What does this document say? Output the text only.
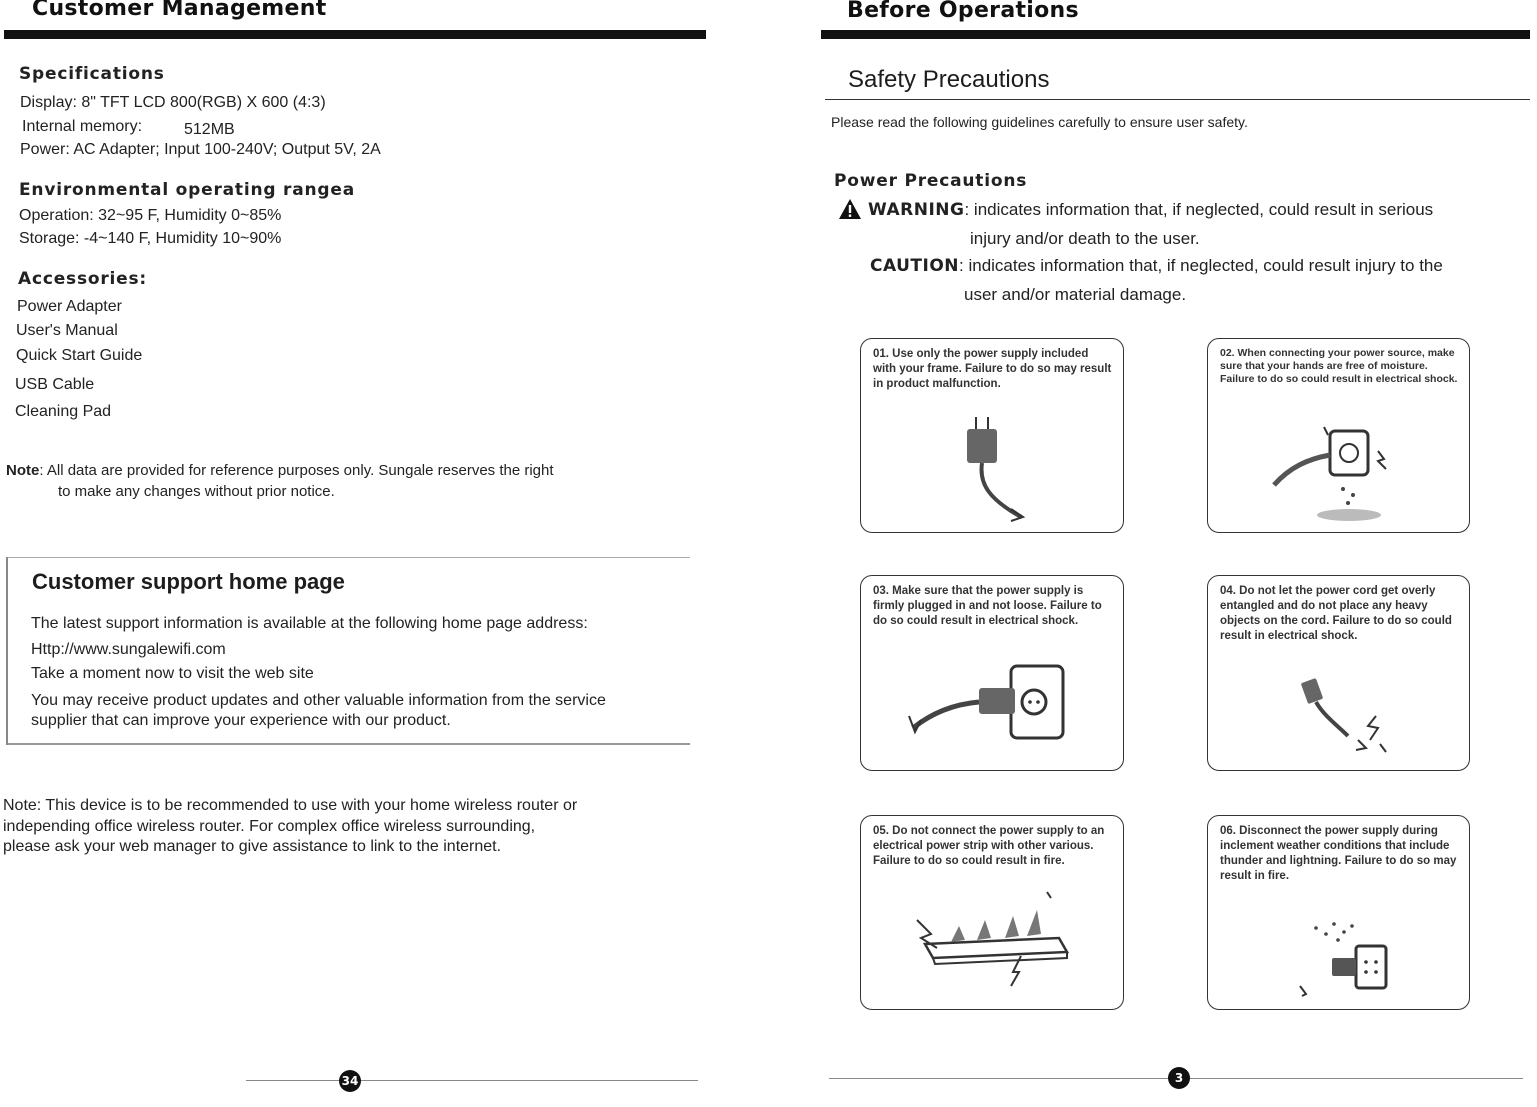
Customer Management
Specifications
Display: 8" TFT LCD 800(RGB) X 600 (4:3)
Internal memory:	512MB
Power: AC Adapter; Input 100-240V; Output 5V, 2A
Environmental operating rangea
Operation: 32~95 F, Humidity 0~85%
Storage: -4~140 F, Humidity 10~90%
Accessories:
Power Adapter
User's Manual
Quick Start Guide
USB Cable
Cleaning Pad
Note: All data are provided for reference purposes only. Sungale reserves the right
to make any changes without prior notice.
Customer support home page
The latest support information is available at the following home page address:
Http://www.sungalewifi.com
Take a moment now to visit the web site
You may receive product updates and other valuable information from the service
supplier that can improve your experience with our product.
Note: This device is to be recommended to use with your home wireless router or
independing office wireless router. For complex office wireless surrounding,
please ask your web manager to give assistance to link to the internet.
34
Before Operations
Safety Precautions
Please read the following guidelines carefully to ensure user safety.
Power Precautions
WARNING: indicates information that, if neglected, could result in serious
injury and/or death to the user.
CAUTION: indicates information that, if neglected, could result injury to the
user and/or material damage.
01. Use only the power supply included with your frame. Failure to do so may result in product malfunction.
02. When connecting your power source, make sure that your hands are free of moisture. Failure to do so could result in electrical shock.
03. Make sure that the power supply is firmly plugged in and not loose. Failure to do so could result in electrical shock.
04. Do not let the power cord get overly entangled and do not place any heavy objects on the cord. Failure to do so could result in electrical shock.
05. Do not connect the power supply to an electrical power strip with other various. Failure to do so could result in fire.
06. Disconnect the power supply during inclement weather conditions that include thunder and lightning. Failure to do so may result in fire.
3
